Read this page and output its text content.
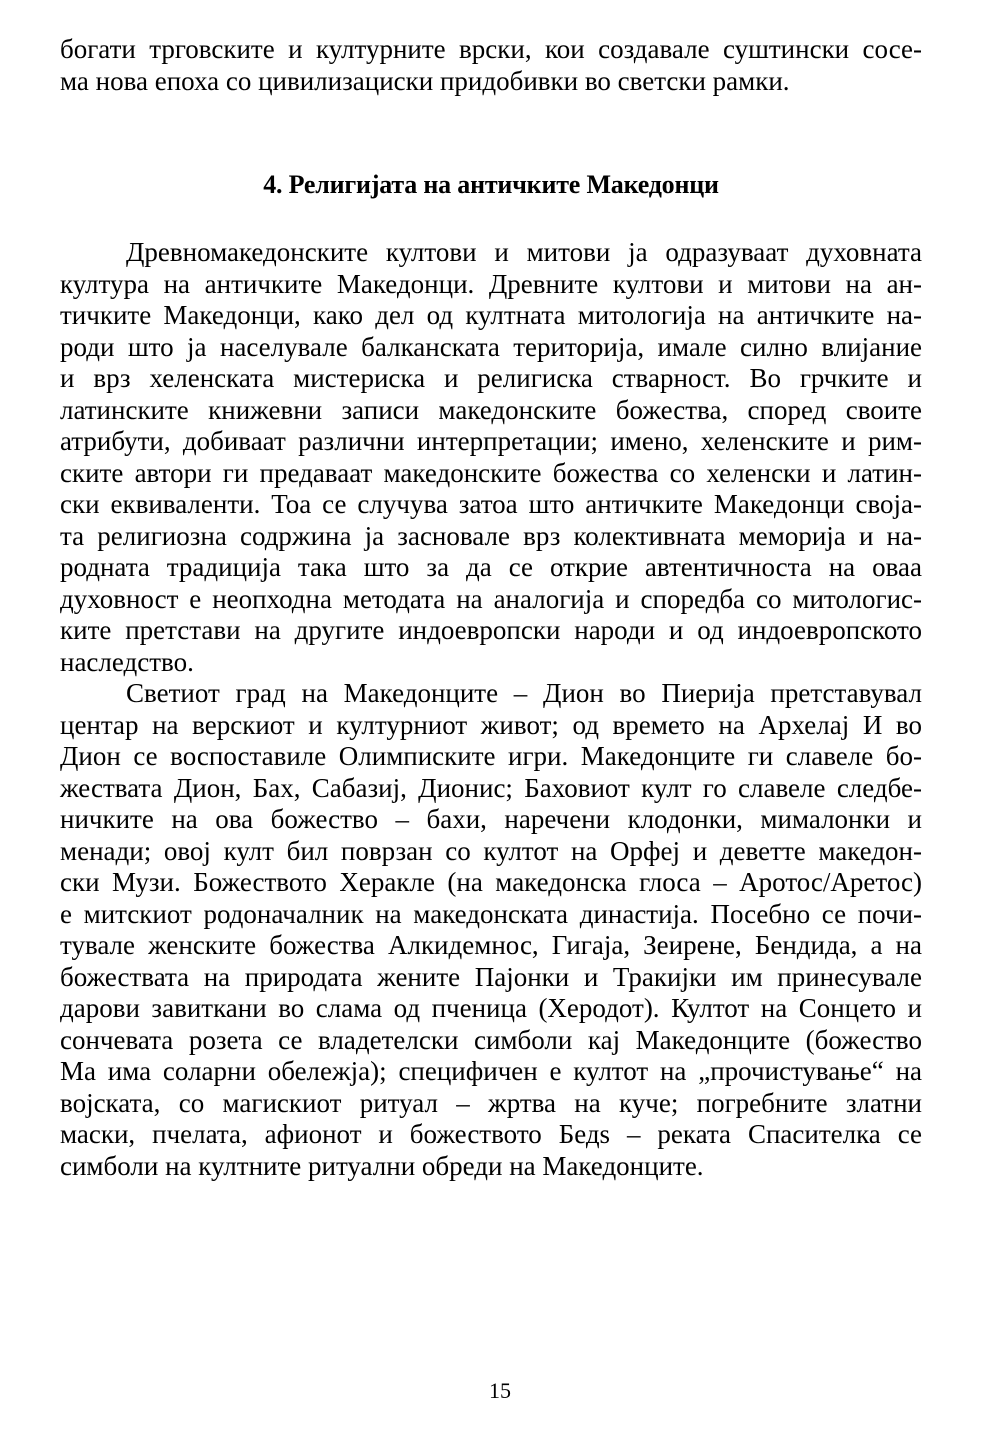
богати трговските и културните врски, кои создавале суштински сосе-
ма нова епоха со цивилизациски придобивки во светски рамки.
4. Религијата на античките Македонци
Древномакедонските култови и митови ја одразуваат духовната
култура на античките Македонци. Древните култови и митови на ан-
тичките Македонци, како дел од култната митологија на античките на-
роди што ја населувале балканската територија, имале силно влијание
и врз хеленската мистериска и религиска стварност. Во грчките и
латинските книжевни записи македонските божества, според своите
атрибути, добиваат различни интерпретации; имено, хеленските и рим-
ските автори ги предаваат македонските божества со хеленски и латин-
ски еквиваленти. Тоа се случува затоа што античките Македонци своја-
та религиозна содржина ја засновале врз колективната меморија и на-
родната традиција така што за да се открие автентичноста на оваа
духовност е неопходна методата на аналогија и споредба со митологис-
ките претстави на другите индоевропски народи и од индоевропското
наследство.
Светиот град на Македонците – Дион во Пиерија претставувал
центар на верскиот и културниот живот; од времето на Архелај И во
Дион се воспоставиле Олимписките игри. Македонците ги славеле бо-
жествата Дион, Бах, Сабазиј, Дионис; Баховиот култ го славеле следбе-
ничките на ова божество – бахи, наречени клодонки, мималонки и
менади; овој култ бил поврзан со култот на Орфеј и деветте македон-
ски Музи. Божеството Херакле (на македонска глоса – Аротос/Аретос)
е митскиот родоначалник на македонската династија. Посебно се почи-
тувале женските божества Алкидемнос, Гигаја, Зеирене, Бендида, а на
божествата на природата жените Пајонки и Тракијки им принесувале
дарови завиткани во слама од пченица (Херодот). Култот на Сонцето и
сончевата розета се владетелски симболи кај Македонците (божество
Ма има соларни обележја); специфичен е култот на „прочистување“ на
војската, со магискиот ритуал – жртва на куче; погребните златни
маски, пчелата, афионот и божеството Бедѕ – реката Спасителка се
симболи на култните ритуални обреди на Македонците.
15
